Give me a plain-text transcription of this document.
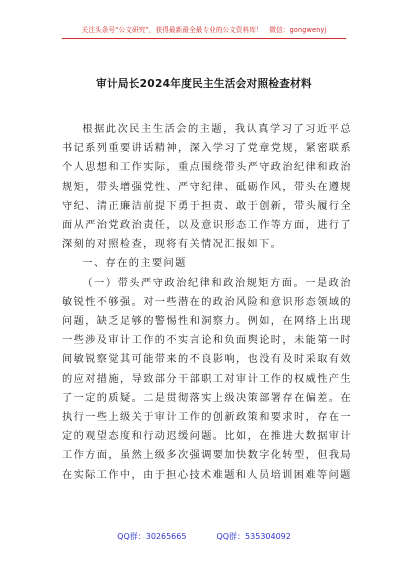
关注头条号“公文研究”，获得最新最全最专业的公文资料库！　微信：gongwenyj
审计局长2024年度民主生活会对照检查材料

根据此次民主生活会的主题，我认真学习了习近平总书记系列重要讲话精神，深入学习了党章党规，紧密联系个人思想和工作实际，重点围绕带头严守政治纪律和政治规矩，带头增强党性、严守纪律、砥砺作风，带头在遵规守纪、清正廉洁前提下勇于担责、敢于创新，带头履行全面从严治党政治责任，以及意识形态工作等方面，进行了深刻的对照检查，现将有关情况汇报如下。

一、存在的主要问题

（一）带头严守政治纪律和政治规矩方面。一是政治敏锐性不够强。对一些潜在的政治风险和意识形态领域的问题，缺乏足够的警惕性和洞察力。例如，在网络上出现一些涉及审计工作的不实言论和负面舆论时，未能第一时间敏锐察觉其可能带来的不良影响，也没有及时采取有效的应对措施，导致部分干部职工对审计工作的权威性产生了一定的质疑。二是贯彻落实上级决策部署存在偏差。在执行一些上级关于审计工作的创新政策和要求时，存在一定的观望态度和行动迟缓问题。比如，在推进大数据审计工作方面，虽然上级多次强调要加快数字化转型，但我局在实际工作中，由于担心技术难题和人员培训困难等问题

QQ群：30265665	QQ群：535304092
